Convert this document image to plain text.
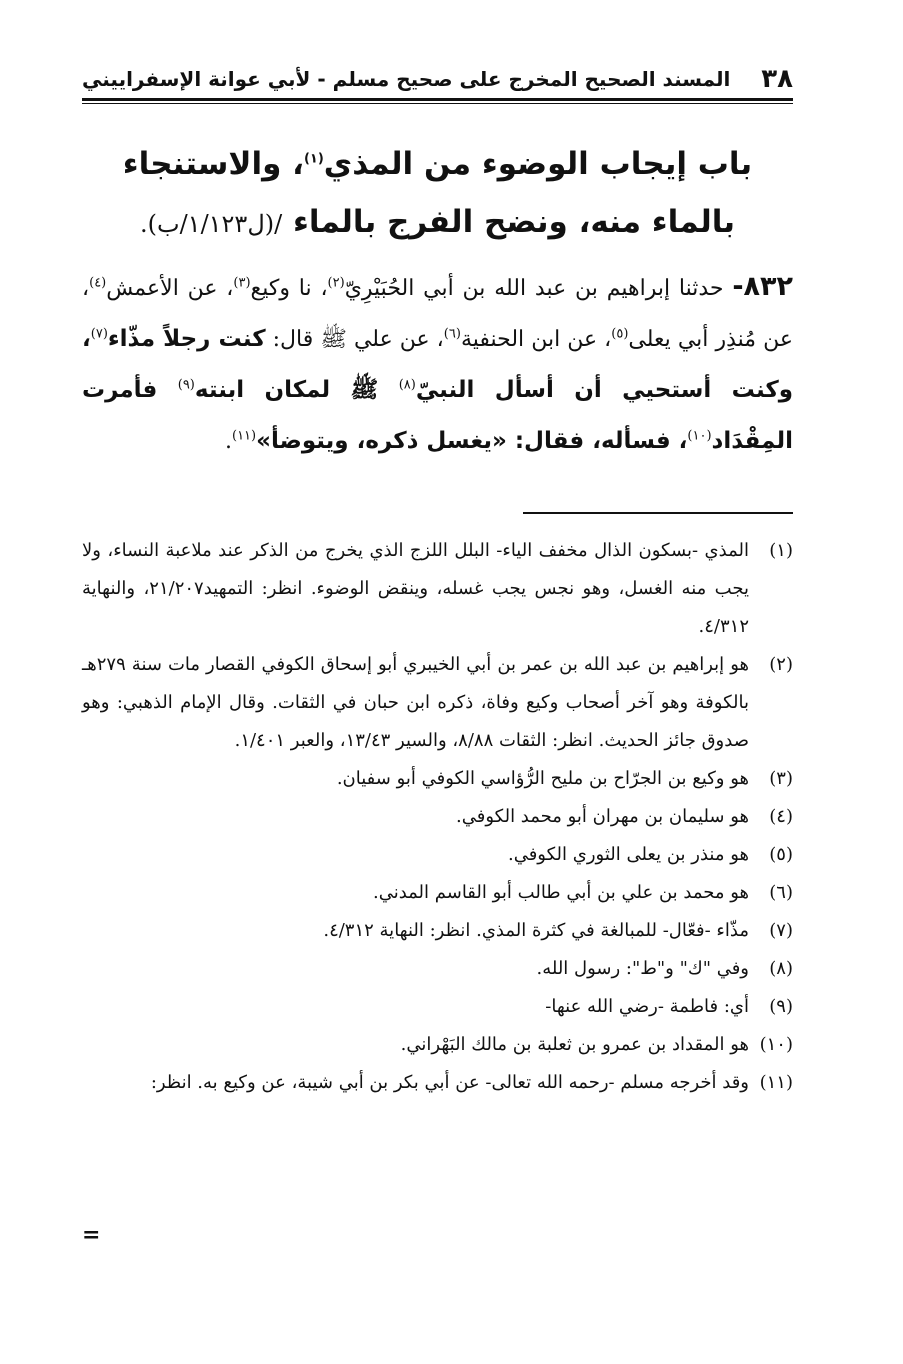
٣٨
المسند الصحيح المخرج على صحيح مسلم - لأبي عوانة الإسفراييني
باب إيجاب الوضوء من المذي$^{(١)}$، والاستنجاء بالماء منه، ونضح الفرج بالماء /(ل١/١٢٣/ب).
٨٣٢- حدثنا إبراهيم بن عبد الله بن أبي الحُبَيْرِيّ$^{(٢)}$، نا وكيع$^{(٣)}$، عن الأعمش$^{(٤)}$، عن مُنذِر أبي يعلى$^{(٥)}$، عن ابن الحنفية$^{(٦)}$، عن علي ﷺ قال: كنت رجلاً مذّاء$^{(٧)}$، وكنت أستحيي أن أسأل النبيّ$^{(٨)}$ ﷺ لمكان ابنته$^{(٩)}$ فأمرت المِقْدَاد$^{(١٠)}$، فسأله، فقال: «يغسل ذكره، ويتوضأ»$^{(١١)}$.

(١)
المذي -بسكون الذال مخفف الياء- البلل اللزج الذي يخرج من الذكر عند ملاعبة النساء، ولا يجب منه الغسل، وهو نجس يجب غسله، وينقض الوضوء. انظر: التمهيد٢١/٢٠٧، والنهاية ٤/٣١٢.

(٢)
هو إبراهيم بن عبد الله بن عمر بن أبي الخيبري أبو إسحاق الكوفي القصار مات سنة ٢٧٩هـ بالكوفة وهو آخر أصحاب وكيع وفاة، ذكره ابن حبان في الثقات. وقال الإمام الذهبي: وهو صدوق جائز الحديث. انظر: الثقات ٨/٨٨، والسير ١٣/٤٣، والعبر ١/٤٠١.

(٣)
هو وكيع بن الجرّاح بن مليح الرُّؤاسي الكوفي أبو سفيان.

(٤)
هو سليمان بن مهران أبو محمد الكوفي.

(٥)
هو منذر بن يعلى الثوري الكوفي.

(٦)
هو محمد بن علي بن أبي طالب أبو القاسم المدني.

(٧)
مذّاء -فعّال- للمبالغة في كثرة المذي. انظر: النهاية ٤/٣١٢.

(٨)
وفي "ك" و"ط": رسول الله.

(٩)
أي: فاطمة -رضي الله عنها-

(١٠)
هو المقداد بن عمرو بن ثعلبة بن مالك البَهْراني.

(١١)
وقد أخرجه مسلم -رحمه الله تعالى- عن أبي بكر بن أبي شيبة، عن وكيع به. انظر:

=
